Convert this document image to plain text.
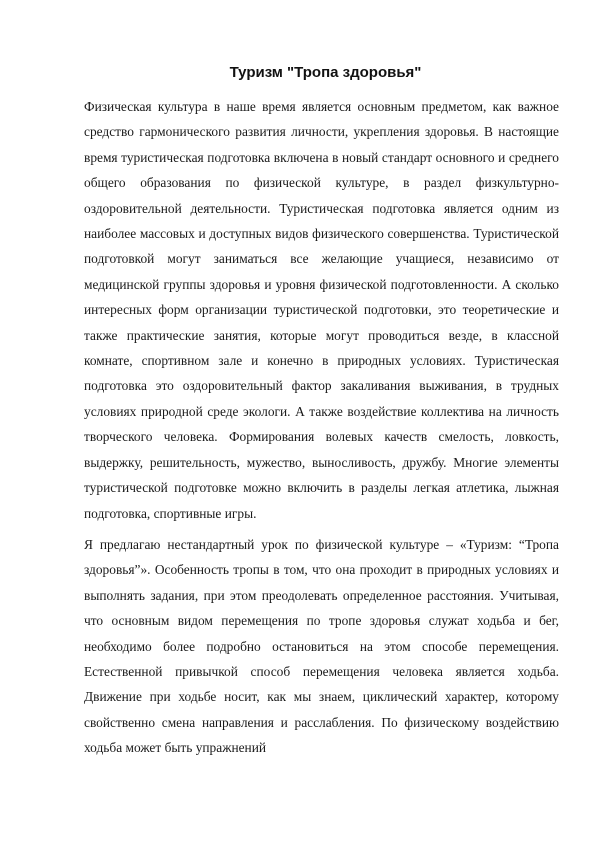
Туризм "Тропа здоровья"

Физическая культура в наше время является основным предметом, как важное средство гармонического развития личности, укрепления здоровья. В настоящие время туристическая подготовка включена в новый стандарт основного и среднего общего образования по физической культуре, в раздел физкультурно-оздоровительной деятельности. Туристическая подготовка является одним из наиболее массовых и доступных видов физического совершенства. Туристической подготовкой могут заниматься все желающие учащиеся, независимо от медицинской группы здоровья и уровня физической подготовленности. А сколько интересных форм организации туристической подготовки, это теоретические и также практические занятия, которые могут проводиться везде, в классной комнате, спортивном зале и конечно в природных условиях. Туристическая подготовка это оздоровительный фактор закаливания выживания, в трудных условиях природной среде экологи. А также воздействие коллектива на личность творческого человека. Формирования волевых качеств смелость, ловкость, выдержку, решительность, мужество, выносливость, дружбу. Многие элементы туристической подготовке можно включить в разделы легкая атлетика, лыжная подготовка, спортивные игры.

Я предлагаю нестандартный урок по физической культуре – «Туризм: “Тропа здоровья”». Особенность тропы в том, что она проходит в природных условиях и выполнять задания, при этом преодолевать определенное расстояния. Учитывая, что основным видом перемещения по тропе здоровья служат ходьба и бег, необходимо более подробно остановиться на этом способе перемещения. Естественной привычкой способ перемещения человека является ходьба. Движение при ходьбе носит, как мы знаем, циклический характер, которому свойственно смена направления и расслабления. По физическому воздействию ходьба может быть упражнений
